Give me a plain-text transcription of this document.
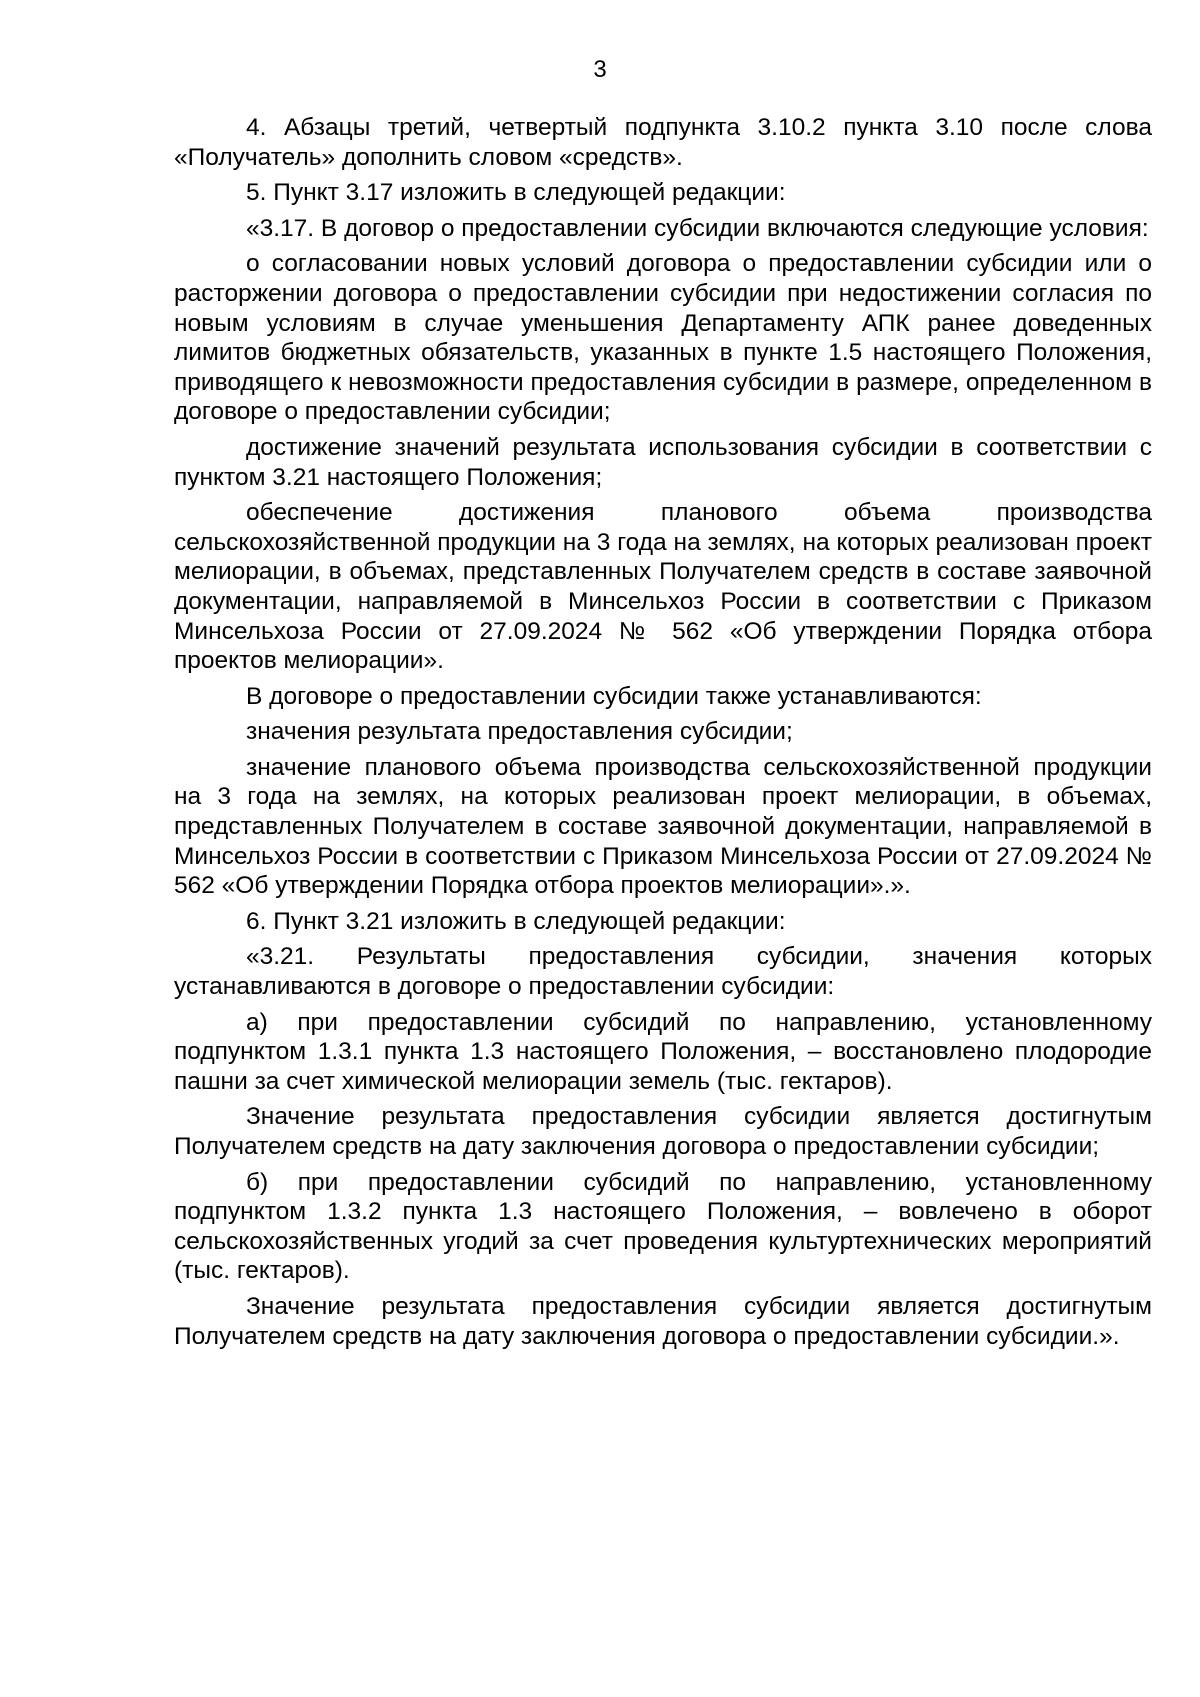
3

4. Абзацы третий, четвертый подпункта 3.10.2 пункта 3.10 после слова «Получатель» дополнить словом «средств».

5. Пункт 3.17 изложить в следующей редакции:

«3.17. В договор о предоставлении субсидии включаются следующие условия:

о согласовании новых условий договора о предоставлении субсидии или о расторжении договора о предоставлении субсидии при недостижении согласия по новым условиям в случае уменьшения Департаменту АПК ранее доведенных лимитов бюджетных обязательств, указанных в пункте 1.5 настоящего Положения, приводящего к невозможности предоставления субсидии в размере, определенном в договоре о предоставлении субсидии;

достижение значений результата использования субсидии в соответствии с пунктом 3.21 настоящего Положения;

обеспечение достижения планового объема производства сельскохозяйственной продукции на 3 года на землях, на которых реализован проект мелиорации, в объемах, представленных Получателем средств в составе заявочной документации, направляемой в Минсельхоз России в соответствии с Приказом Минсельхоза России от 27.09.2024 № 562 «Об утверждении Порядка отбора проектов мелиорации».

В договоре о предоставлении субсидии также устанавливаются:

значения результата предоставления субсидии;

значение планового объема производства сельскохозяйственной продукции на 3 года на землях, на которых реализован проект мелиорации, в объемах, представленных Получателем в составе заявочной документации, направляемой в Минсельхоз России в соответствии с Приказом Минсельхоза России от 27.09.2024 № 562 «Об утверждении Порядка отбора проектов мелиорации».».

6. Пункт 3.21 изложить в следующей редакции:

«3.21. Результаты предоставления субсидии, значения которых устанавливаются в договоре о предоставлении субсидии:

а) при предоставлении субсидий по направлению, установленному подпунктом 1.3.1 пункта 1.3 настоящего Положения, – восстановлено плодородие пашни за счет химической мелиорации земель (тыс. гектаров).

Значение результата предоставления субсидии является достигнутым Получателем средств на дату заключения договора о предоставлении субсидии;

б) при предоставлении субсидий по направлению, установленному подпунктом 1.3.2 пункта 1.3 настоящего Положения, – вовлечено в оборот сельскохозяйственных угодий за счет проведения культуртехнических мероприятий (тыс. гектаров).

Значение результата предоставления субсидии является достигнутым Получателем средств на дату заключения договора о предоставлении субсидии.».
